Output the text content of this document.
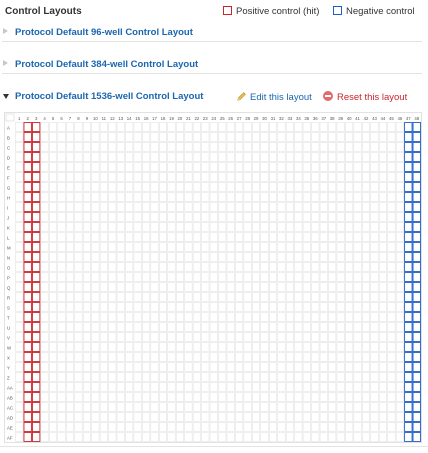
Control Layouts	Positive control (hit)	Negative control
Protocol Default 96-well Control Layout
Protocol Default 384-well Control Layout
Protocol Default 1536-well Control Layout	Edit this layout	Reset this layout
1 2 3 4 5 6 7 8 9 10 11 12 13 14 15 16 17 18 19 20 21 22 23 24 25 26 27 28 29 30 31 32 33 34 35 36 37 38 39 40 41 42 43 44 45 46 47 48
A
B
C
D
E
F
G
H
I
J
K
L
M
N
O
P
Q
R
S
T
U
V
W
X
Y
Z
AA
AB
AC
AD
AE
AF
